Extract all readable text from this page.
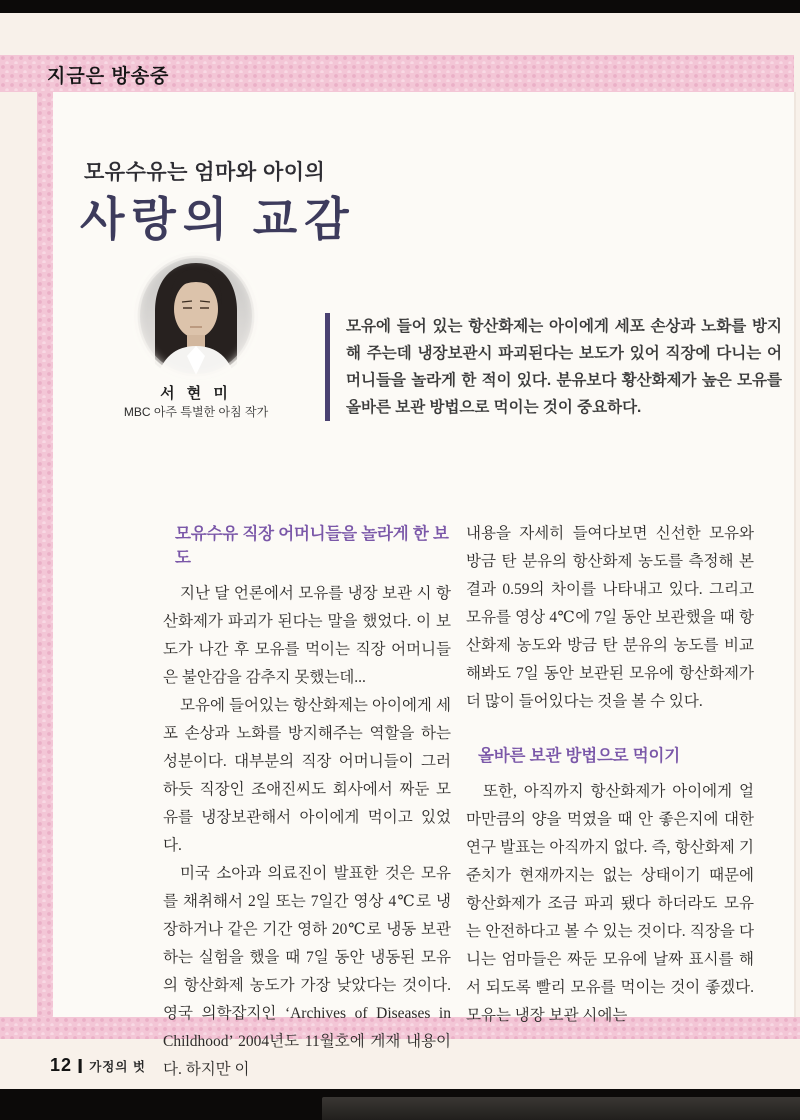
지금은 방송중
모유수유는 엄마와 아이의
사랑의 교감
서 현 미
MBC 아주 특별한 아침 작가
모유에 들어 있는 항산화제는 아이에게 세포 손상과 노화를 방지해 주는데 냉장보관시 파괴된다는 보도가 있어 직장에 다니는 어머니들을 놀라게 한 적이 있다. 분유보다 황산화제가 높은 모유를 올바른 보관 방법으로 먹이는 것이 중요하다.
모유수유 직장 어머니들을 놀라게 한 보도

지난 달 언론에서 모유를 냉장 보관 시 항산화제가 파괴가 된다는 말을 했었다. 이 보도가 나간 후 모유를 먹이는 직장 어머니들은 불안감을 감추지 못했는데...

모유에 들어있는 항산화제는 아이에게 세포 손상과 노화를 방지해주는 역할을 하는 성분이다. 대부분의 직장 어머니들이 그러하듯 직장인 조애진씨도 회사에서 짜둔 모유를 냉장보관해서 아이에게 먹이고 있었다.

미국 소아과 의료진이 발표한 것은 모유를 채취해서 2일 또는 7일간 영상 4℃로 냉장하거나 같은 기간 영하 20℃로 냉동 보관하는 실험을 했을 때 7일 동안 냉동된 모유의 항산화제 농도가 가장 낮았다는 것이다. 영국 의학잡지인 ‘Archives of Diseases in Childhood’ 2004년도 11월호에 게재 내용이다. 하지만 이

내용을 자세히 들여다보면 신선한 모유와 방금 탄 분유의 항산화제 농도를 측정해 본 결과 0.59의 차이를 나타내고 있다. 그리고 모유를 영상 4℃에 7일 동안 보관했을 때 항산화제 농도와 방금 탄 분유의 농도를 비교해봐도 7일 동안 보관된 모유에 항산화제가 더 많이 들어있다는 것을 볼 수 있다.

올바른 보관 방법으로 먹이기

또한, 아직까지 항산화제가 아이에게 얼마만큼의 양을 먹였을 때 안 좋은지에 대한 연구 발표는 아직까지 없다. 즉, 항산화제 기준치가 현재까지는 없는 상태이기 때문에 항산화제가 조금 파괴 됐다 하더라도 모유는 안전하다고 볼 수 있는 것이다. 직장을 다니는 엄마들은 짜둔 모유에 날짜 표시를 해서 되도록 빨리 모유를 먹이는 것이 좋겠다. 모유는 냉장 보관 시에는

12 | 가정의 벗
